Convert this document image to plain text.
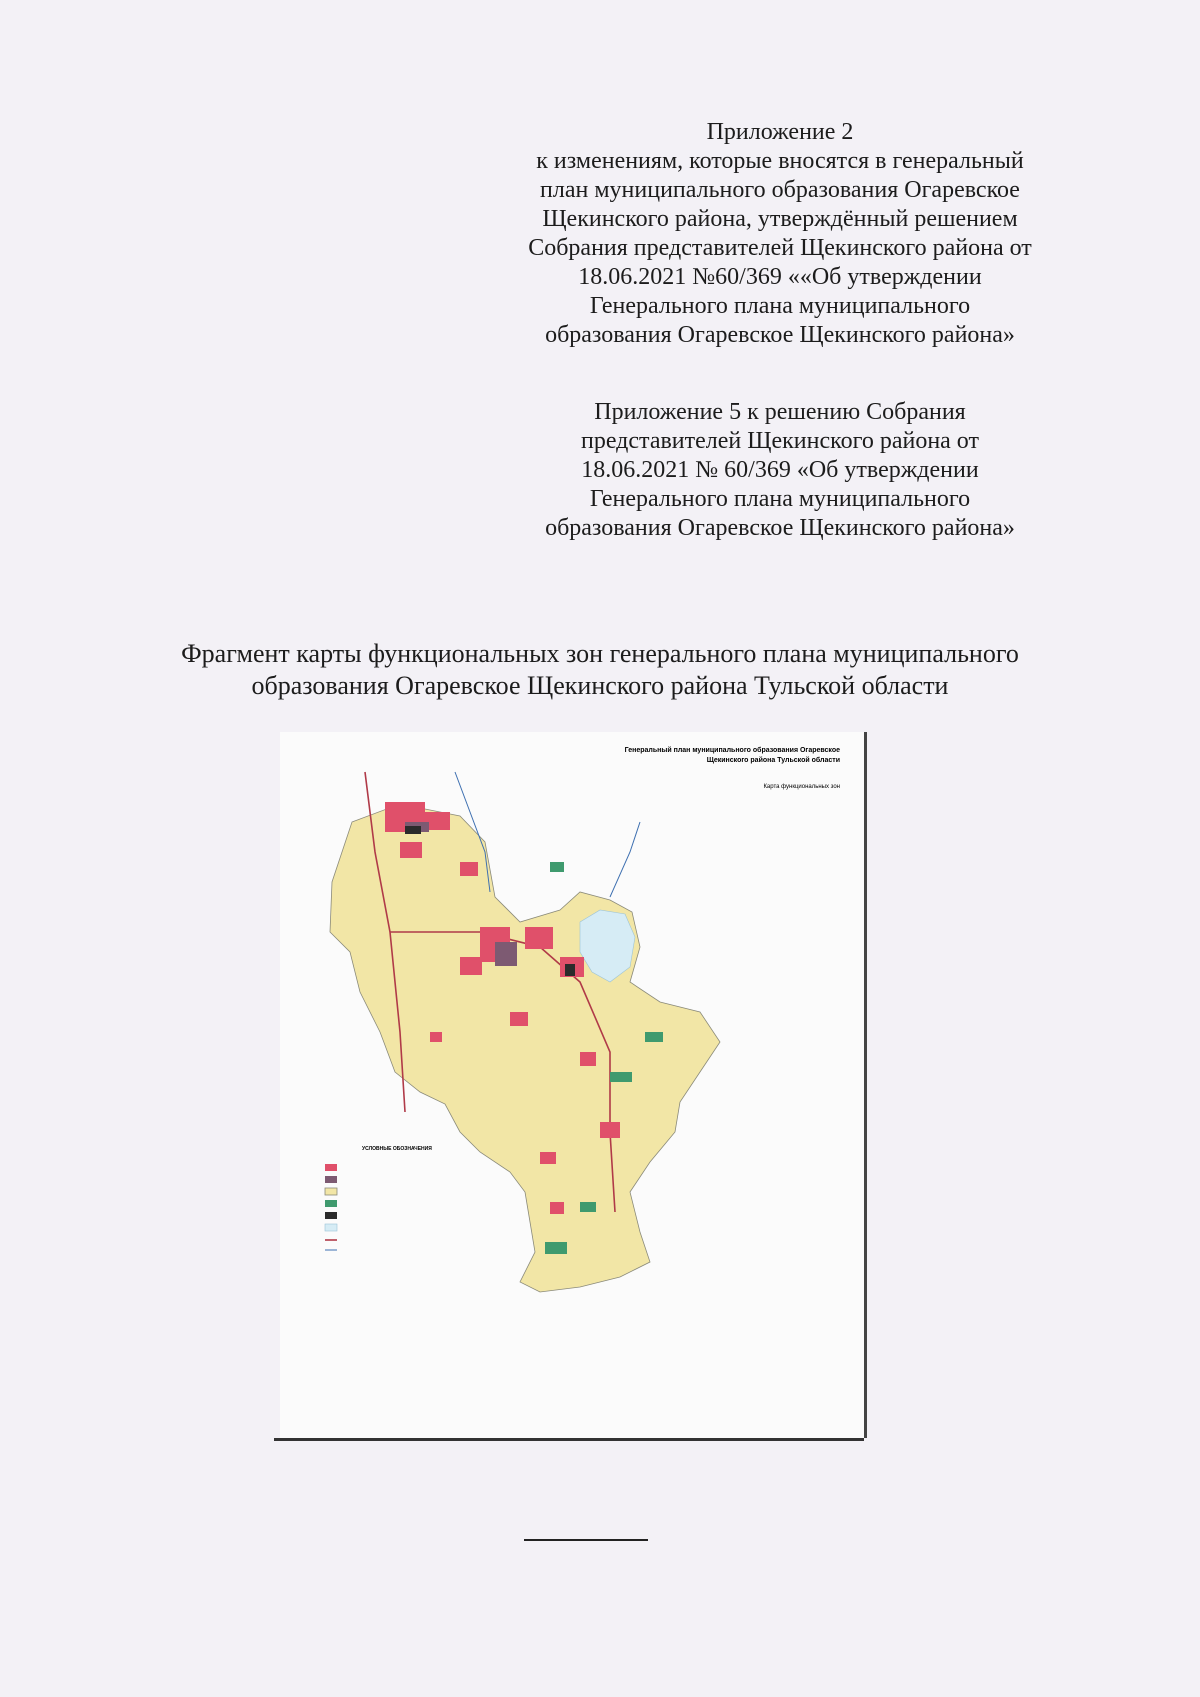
Приложение 2
к изменениям, которые вносятся в генеральный
план муниципального образования Огаревское
Щекинского района, утверждённый решением
Собрания представителей Щекинского района от
18.06.2021 №60/369 ««Об утверждении
Генерального плана муниципального
образования Огаревское Щекинского района»
Приложение 5 к решению Собрания
представителей Щекинского района от
18.06.2021 № 60/369 «Об утверждении
Генерального плана муниципального
образования Огаревское Щекинского района»
Фрагмент карты функциональных зон генерального плана муниципального
образования Огаревское Щекинского района Тульской области
Генеральный план муниципального образования Огаревское
Щекинского района Тульской области
Карта функциональных зон
УСЛОВНЫЕ ОБОЗНАЧЕНИЯ
